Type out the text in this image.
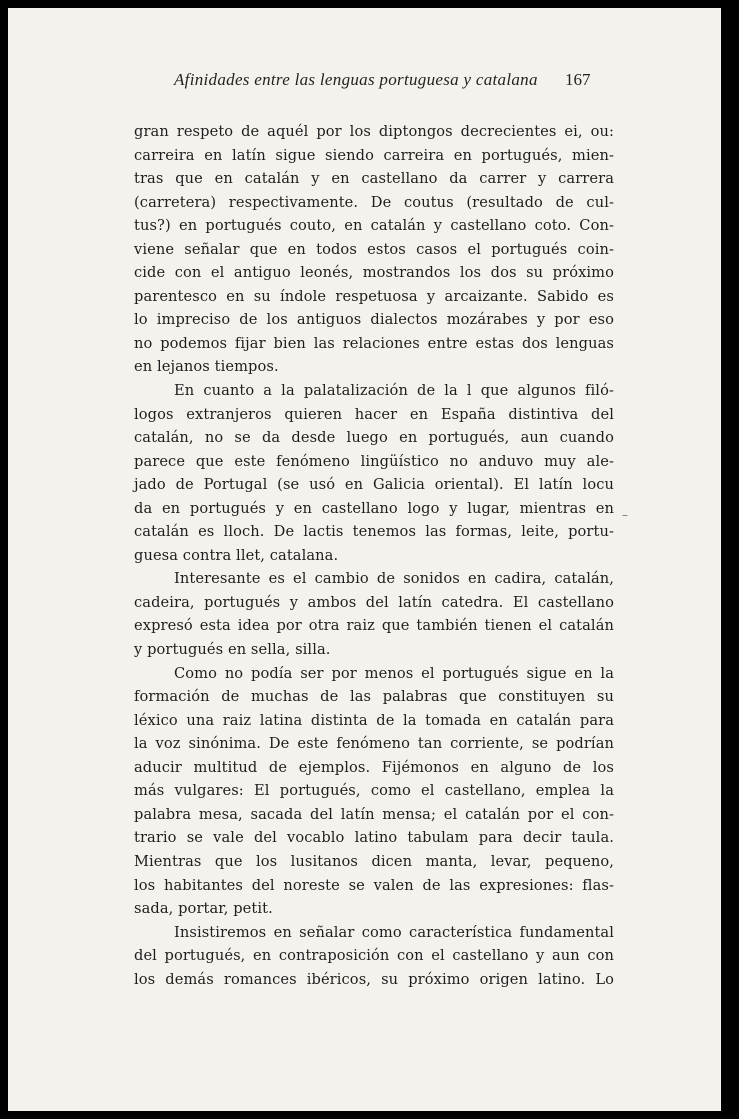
Afinidades entre las lenguas portuguesa y catalana 167
gran respeto de aquél por los diptongos decrecientes ei, ou:
carreira en latín sigue siendo carreira en portugués, mien-
tras que en catalán y en castellano da carrer y carrera
(carretera) respectivamente. De coutus (resultado de cul-
tus?) en portugués couto, en catalán y castellano coto. Con-
viene señalar que en todos estos casos el portugués coin-
cide con el antiguo leonés, mostrandos los dos su próximo
parentesco en su índole respetuosa y arcaizante. Sabido es
lo impreciso de los antiguos dialectos mozárabes y por eso
no podemos fijar bien las relaciones entre estas dos lenguas
en lejanos tiempos.
En cuanto a la palatalización de la l que algunos filó-
logos extranjeros quieren hacer en España distintiva del
catalán, no se da desde luego en portugués, aun cuando
parece que este fenómeno lingüístico no anduvo muy ale-
jado de Portugal (se usó en Galicia oriental). El latín locu
da en portugués y en castellano logo y lugar, mientras en
catalán es lloch. De lactis tenemos las formas, leite, portu-
guesa contra llet, catalana.
Interesante es el cambio de sonidos en cadira, catalán,
cadeira, portugués y ambos del latín catedra. El castellano
expresó esta idea por otra raiz que también tienen el catalán
y portugués en sella, silla.
Como no podía ser por menos el portugués sigue en la
formación de muchas de las palabras que constituyen su
léxico una raiz latina distinta de la tomada en catalán para
la voz sinónima. De este fenómeno tan corriente, se podrían
aducir multitud de ejemplos. Fijémonos en alguno de los
más vulgares: El portugués, como el castellano, emplea la
palabra mesa, sacada del latín mensa; el catalán por el con-
trario se vale del vocablo latino tabulam para decir taula.
Mientras que los lusitanos dicen manta, levar, pequeno,
los habitantes del noreste se valen de las expresiones: flas-
sada, portar, petit.
Insistiremos en señalar como característica fundamental
del portugués, en contraposición con el castellano y aun con
los demás romances ibéricos, su próximo origen latino. Lo
–
